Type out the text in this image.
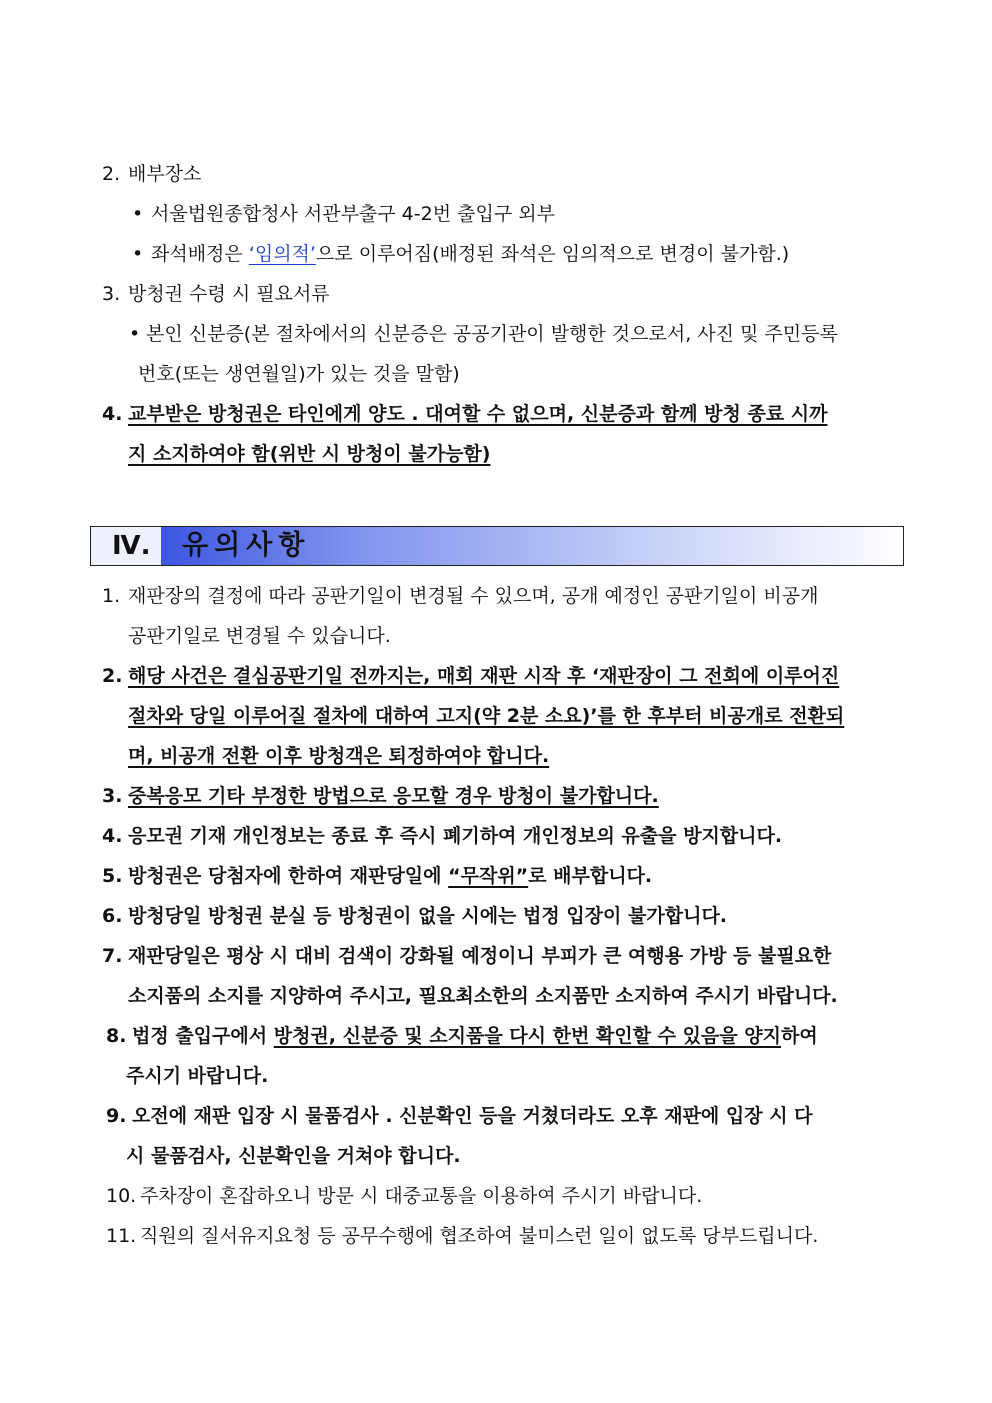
2. 배부장소
• 서울법원종합청사 서관부출구 4-2번 출입구 외부
• 좌석배정은 ‘임의적’으로 이루어짐(배정된 좌석은 임의적으로 변경이 불가함.)
3. 방청권 수령 시 필요서류
• 본인 신분증(본 절차에서의 신분증은 공공기관이 발행한 것으로서, 사진 및 주민등록
번호(또는 생연월일)가 있는 것을 말함)
4. 교부받은 방청권은 타인에게 양도 . 대여할 수 없으며, 신분증과 함께 방청 종료 시까
지 소지하여야 함(위반 시 방청이 불가능함)
Ⅳ. 유의사항
1. 재판장의 결정에 따라 공판기일이 변경될 수 있으며, 공개 예정인 공판기일이 비공개
공판기일로 변경될 수 있습니다.
2. 해당 사건은 결심공판기일 전까지는, 매회 재판 시작 후 ‘재판장이 그 전회에 이루어진
절차와 당일 이루어질 절차에 대하여 고지(약 2분 소요)’를 한 후부터 비공개로 전환되
며, 비공개 전환 이후 방청객은 퇴정하여야 합니다.
3. 중복응모 기타 부정한 방법으로 응모할 경우 방청이 불가합니다.
4. 응모권 기재 개인정보는 종료 후 즉시 폐기하여 개인정보의 유출을 방지합니다.
5. 방청권은 당첨자에 한하여 재판당일에 “무작위”로 배부합니다.
6. 방청당일 방청권 분실 등 방청권이 없을 시에는 법정 입장이 불가합니다.
7. 재판당일은 평상 시 대비 검색이 강화될 예정이니 부피가 큰 여행용 가방 등 불필요한
소지품의 소지를 지양하여 주시고, 필요최소한의 소지품만 소지하여 주시기 바랍니다.
8. 법정 출입구에서 방청권, 신분증 및 소지품을 다시 한번 확인할 수 있음을 양지하여
주시기 바랍니다.
9. 오전에 재판 입장 시 물품검사 . 신분확인 등을 거쳤더라도 오후 재판에 입장 시 다
시 물품검사, 신분확인을 거쳐야 합니다.
10. 주차장이 혼잡하오니 방문 시 대중교통을 이용하여 주시기 바랍니다.
11. 직원의 질서유지요청 등 공무수행에 협조하여 불미스런 일이 없도록 당부드립니다.
